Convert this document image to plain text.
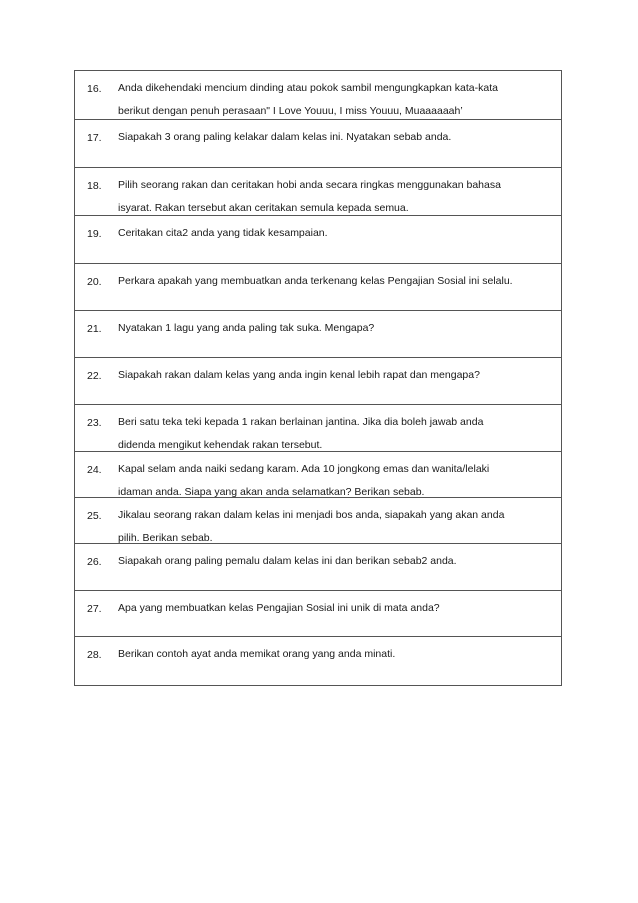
16.	Anda dikehendaki mencium dinding atau pokok sambil mengungkapkan kata-kata
berikut dengan penuh perasaan" I Love Youuu, I miss Youuu, Muaaaaaah’
17.	Siapakah 3 orang paling kelakar dalam kelas ini. Nyatakan sebab anda.
18.	Pilih seorang rakan dan ceritakan hobi anda secara ringkas menggunakan bahasa
isyarat. Rakan tersebut akan ceritakan semula kepada semua.
19.	Ceritakan cita2 anda yang tidak kesampaian.
20.	Perkara apakah yang membuatkan anda terkenang kelas Pengajian Sosial ini selalu.
21.	Nyatakan 1 lagu yang anda paling tak suka. Mengapa?
22.	Siapakah rakan dalam kelas yang anda ingin kenal lebih rapat dan mengapa?
23.	Beri satu teka teki kepada 1 rakan berlainan jantina. Jika dia boleh jawab anda
didenda mengikut kehendak rakan tersebut.
24.	Kapal selam anda naiki sedang karam. Ada 10 jongkong emas dan wanita/lelaki
idaman anda. Siapa yang akan anda selamatkan? Berikan sebab.
25.	Jikalau seorang rakan dalam kelas ini menjadi bos anda, siapakah yang akan anda
pilih. Berikan sebab.
26.	Siapakah orang paling pemalu dalam kelas ini dan berikan sebab2 anda.
27.	Apa yang membuatkan kelas Pengajian Sosial ini unik di mata anda?
28.	Berikan contoh ayat anda memikat orang yang anda minati.
